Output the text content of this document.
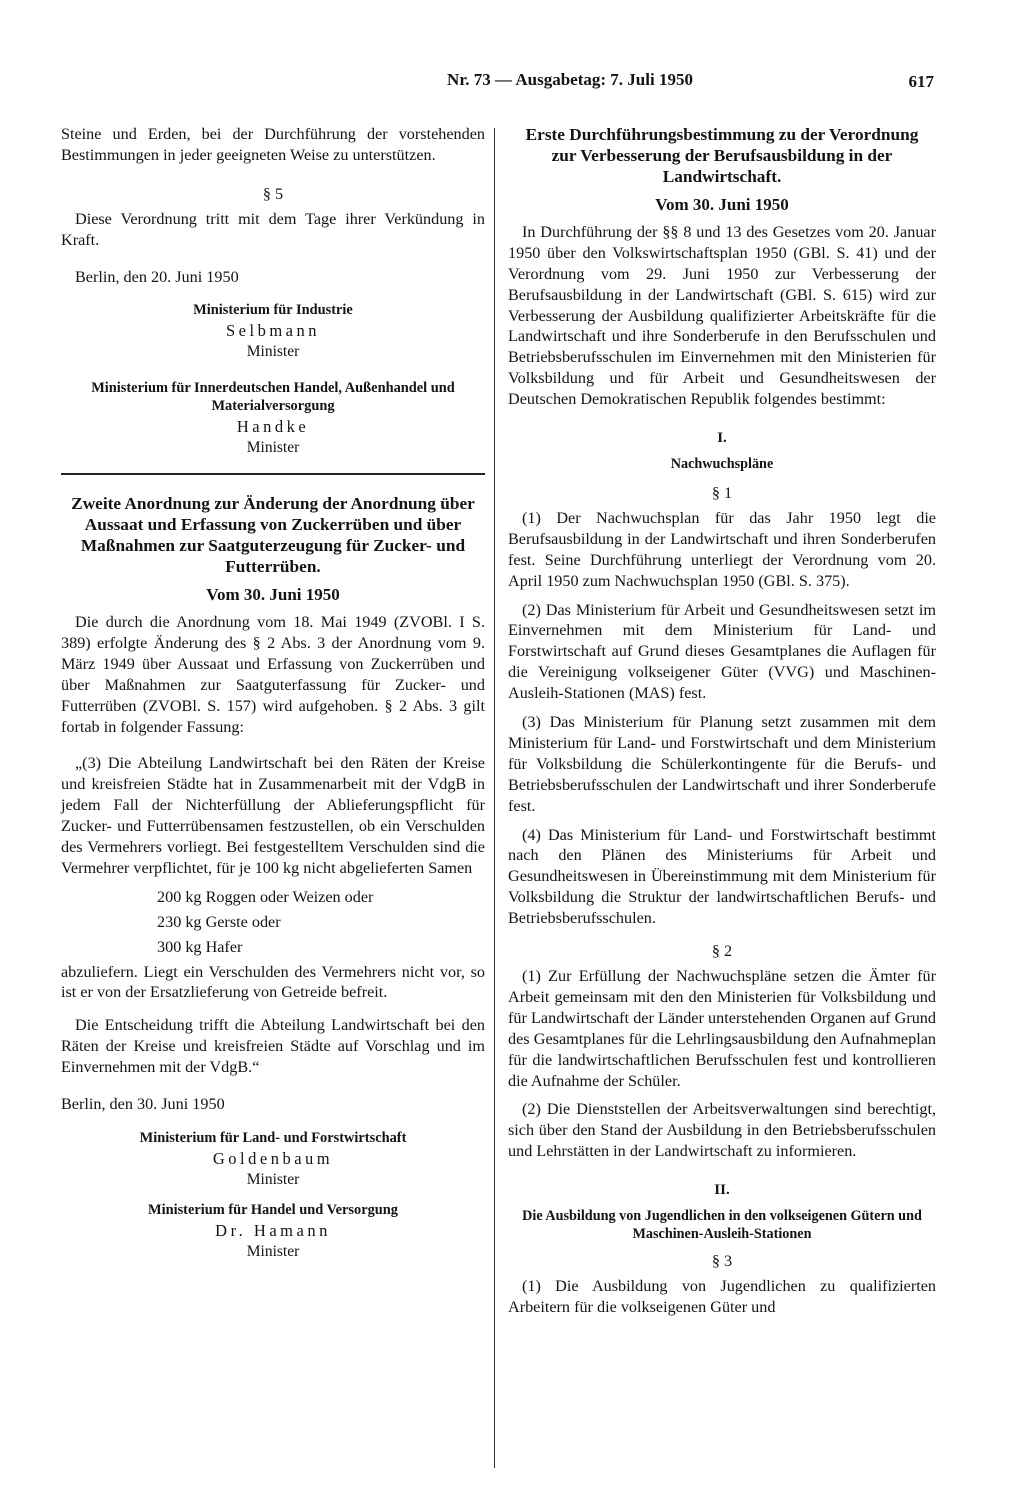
Nr. 73 — Ausgabetag: 7. Juli 1950	617

Steine und Erden, bei der Durchführung der vorstehenden Bestimmungen in jeder geeigneten Weise zu unterstützen.

§ 5

Diese Verordnung tritt mit dem Tage ihrer Verkündung in Kraft.

Berlin, den 20. Juni 1950

Ministerium für Industrie
Selbmann
Minister
Ministerium für Innerdeutschen Handel, Außenhandel und Materialversorgung
Handke
Minister
Zweite Anordnung zur Änderung der Anordnung über Aussaat und Erfassung von Zuckerrüben und über Maßnahmen zur Saatguterzeugung für Zucker- und Futterrüben.
Vom 30. Juni 1950

Die durch die Anordnung vom 18. Mai 1949 (ZVOBl. I S. 389) erfolgte Änderung des § 2 Abs. 3 der Anordnung vom 9. März 1949 über Aussaat und Erfassung von Zuckerrüben und über Maßnahmen zur Saatguterfassung für Zucker- und Futterrüben (ZVOBl. S. 157) wird aufgehoben. § 2 Abs. 3 gilt fortab in folgender Fassung:

„(3) Die Abteilung Landwirtschaft bei den Räten der Kreise und kreisfreien Städte hat in Zusammenarbeit mit der VdgB in jedem Fall der Nichterfüllung der Ablieferungspflicht für Zucker- und Futterrübensamen festzustellen, ob ein Verschulden des Vermehrers vorliegt. Bei festgestelltem Verschulden sind die Vermehrer verpflichtet, für je 100 kg nicht abgelieferten Samen

200 kg Roggen oder Weizen oder
230 kg Gerste oder
300 kg Hafer

abzuliefern. Liegt ein Verschulden des Vermehrers nicht vor, so ist er von der Ersatzlieferung von Getreide befreit.

Die Entscheidung trifft die Abteilung Landwirtschaft bei den Räten der Kreise und kreisfreien Städte auf Vorschlag und im Einvernehmen mit der VdgB.“

Berlin, den 30. Juni 1950

Ministerium für Land- und Forstwirtschaft
Goldenbaum
Minister
Ministerium für Handel und Versorgung
Dr. Hamann
Minister
Erste Durchführungsbestimmung zu der Verordnung zur Verbesserung der Berufsausbildung in der Landwirtschaft.
Vom 30. Juni 1950

In Durchführung der §§ 8 und 13 des Gesetzes vom 20. Januar 1950 über den Volkswirtschaftsplan 1950 (GBl. S. 41) und der Verordnung vom 29. Juni 1950 zur Verbesserung der Berufsausbildung in der Landwirtschaft (GBl. S. 615) wird zur Verbesserung der Ausbildung qualifizierter Arbeitskräfte für die Landwirtschaft und ihre Sonderberufe in den Berufsschulen und Betriebsberufsschulen im Einvernehmen mit den Ministerien für Volksbildung und für Arbeit und Gesundheitswesen der Deutschen Demokratischen Republik folgendes bestimmt:

I.
Nachwuchspläne
§ 1

(1) Der Nachwuchsplan für das Jahr 1950 legt die Berufsausbildung in der Landwirtschaft und ihren Sonderberufen fest. Seine Durchführung unterliegt der Verordnung vom 20. April 1950 zum Nachwuchsplan 1950 (GBl. S. 375).

(2) Das Ministerium für Arbeit und Gesundheitswesen setzt im Einvernehmen mit dem Ministerium für Land- und Forstwirtschaft auf Grund dieses Gesamtplanes die Auflagen für die Vereinigung volkseigener Güter (VVG) und Maschinen-Ausleih-Stationen (MAS) fest.

(3) Das Ministerium für Planung setzt zusammen mit dem Ministerium für Land- und Forstwirtschaft und dem Ministerium für Volksbildung die Schülerkontingente für die Berufs- und Betriebsberufsschulen der Landwirtschaft und ihrer Sonderberufe fest.

(4) Das Ministerium für Land- und Forstwirtschaft bestimmt nach den Plänen des Ministeriums für Arbeit und Gesundheitswesen in Übereinstimmung mit dem Ministerium für Volksbildung die Struktur der landwirtschaftlichen Berufs- und Betriebsberufsschulen.

§ 2

(1) Zur Erfüllung der Nachwuchspläne setzen die Ämter für Arbeit gemeinsam mit den den Ministerien für Volksbildung und für Landwirtschaft der Länder unterstehenden Organen auf Grund des Gesamtplanes für die Lehrlingsausbildung den Aufnahmeplan für die landwirtschaftlichen Berufsschulen fest und kontrollieren die Aufnahme der Schüler.

(2) Die Dienststellen der Arbeitsverwaltungen sind berechtigt, sich über den Stand der Ausbildung in den Betriebsberufsschulen und Lehrstätten in der Landwirtschaft zu informieren.

II.
Die Ausbildung von Jugendlichen in den volkseigenen Gütern und Maschinen-Ausleih-Stationen
§ 3

(1) Die Ausbildung von Jugendlichen zu qualifizierten Arbeitern für die volkseigenen Güter und
